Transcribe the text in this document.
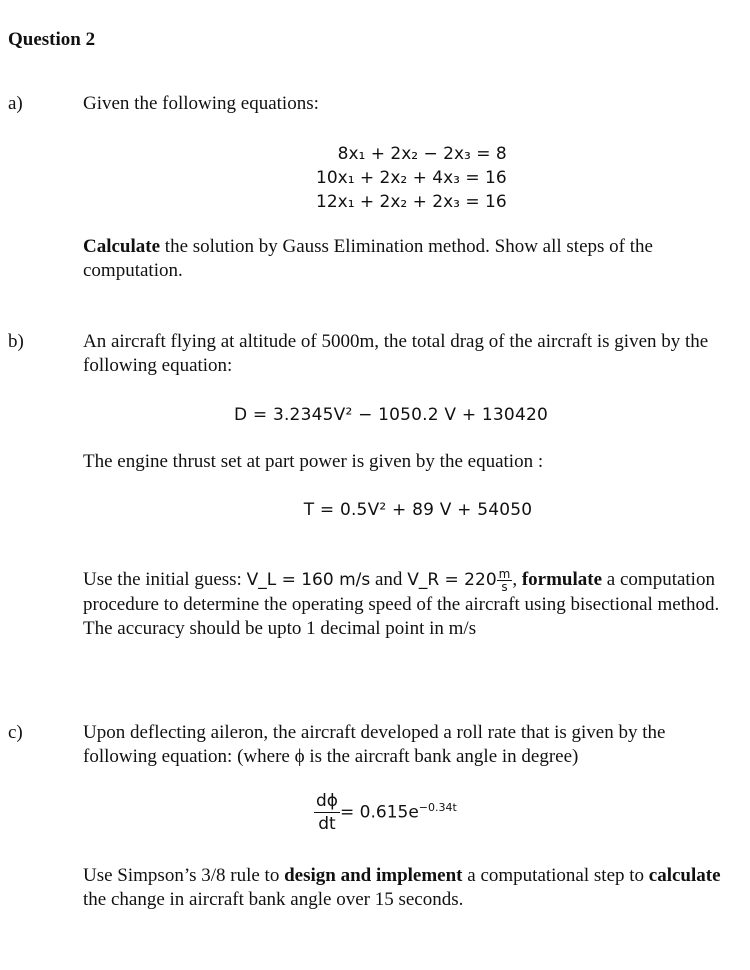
Question 2
a)	Given the following equations:
8x₁ + 2x₂ − 2x₃ = 8
10x₁ + 2x₂ + 4x₃ = 16
12x₁ + 2x₂ + 2x₃ = 16
Calculate the solution by Gauss Elimination method. Show all steps of the computation.
b)	An aircraft flying at altitude of 5000m, the total drag of the aircraft is given by the following equation:
D = 3.2345V² − 1050.2 V + 130420
The engine thrust set at part power is given by the equation :
T = 0.5V² + 89 V + 54050
Use the initial guess: V_L = 160 m/s and V_R = $220 \frac{m}{s}$ , formulate a computation procedure to determine the operating speed of the aircraft using bisectional method. The accuracy should be upto 1 decimal point in m/s
c)	Upon deflecting aileron, the aircraft developed a roll rate that is given by the following equation: (where ϕ is the aircraft bank angle in degree)
$\frac{d\phi}{dt} = 0.615e^{-0.34t}$
Use Simpson’s 3/8 rule to design and implement a computational step to calculate the change in aircraft bank angle over 15 seconds.
